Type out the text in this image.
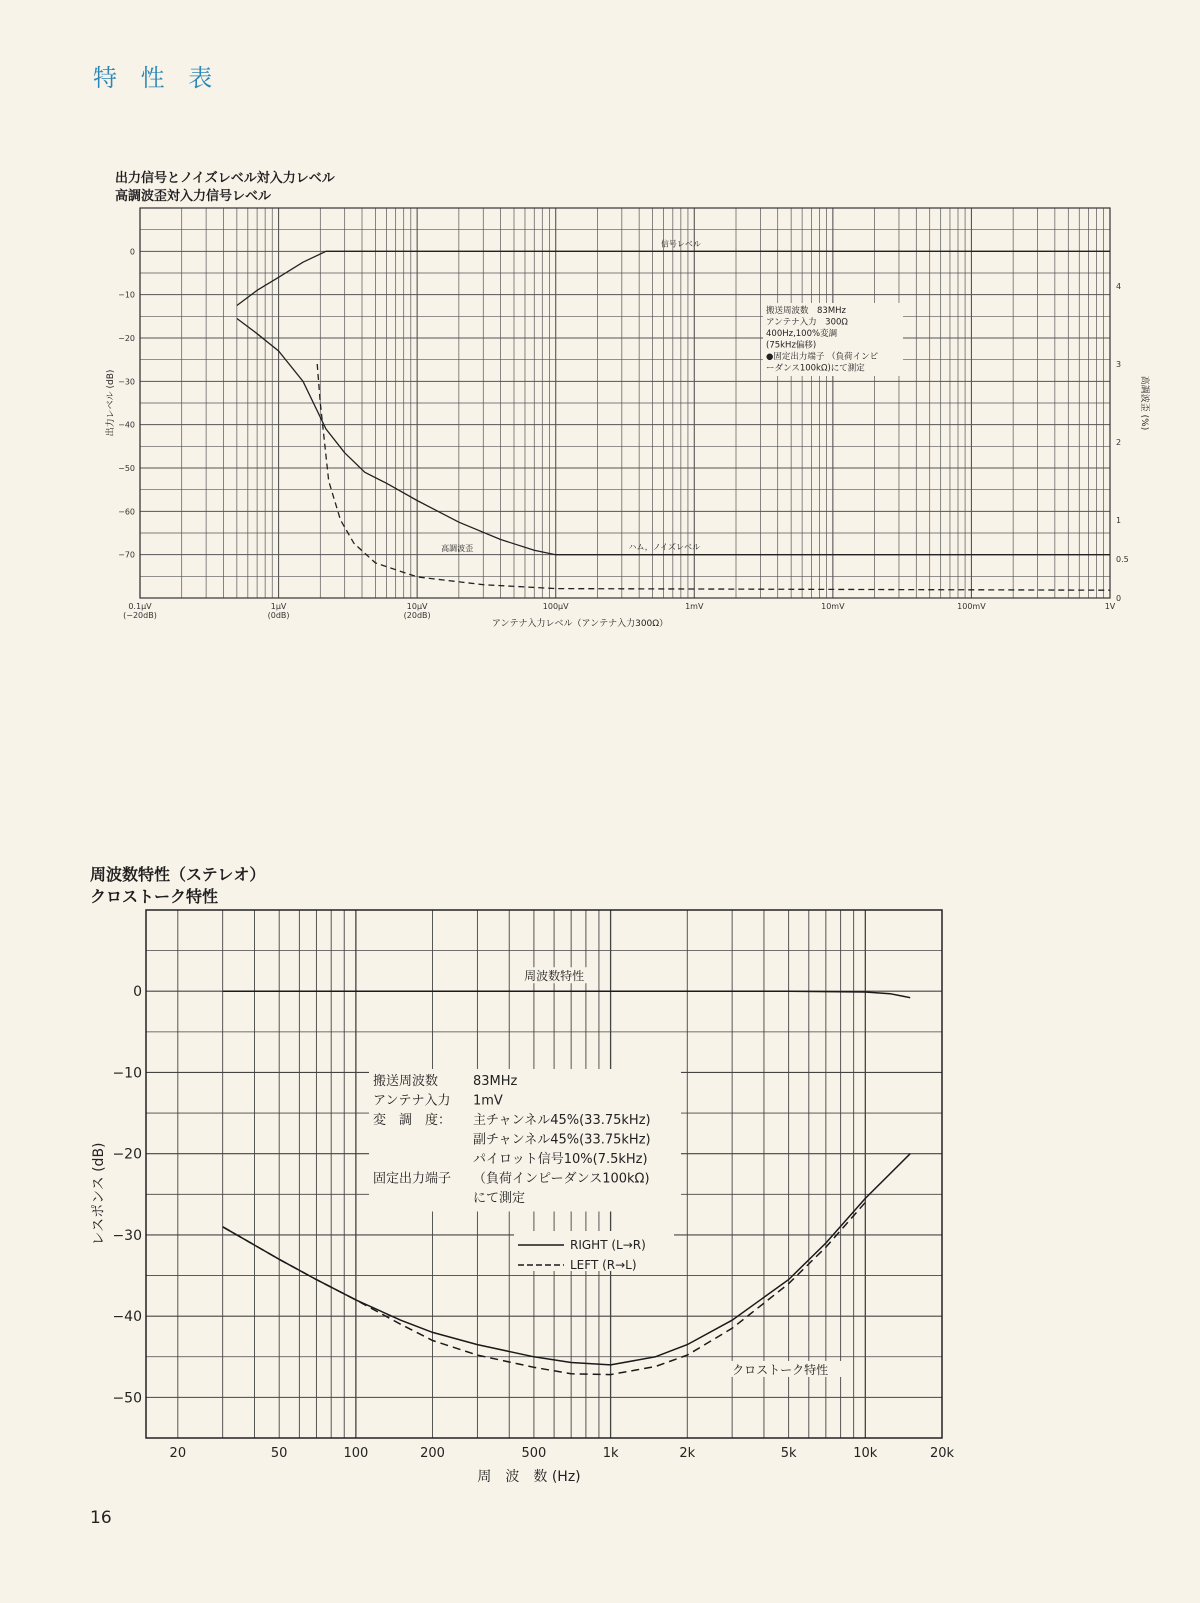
特 性 表
出力信号とノイズレベル対入力レベル
高調波歪対入力信号レベル
周波数特性（ステレオ）
クロストーク特性
0
−10
−20
−30
−40
−50
−60
−70
4
3
2
1
0.5
0
0.1μV
(−20dB)
1μV
(0dB)
10μV
(20dB)
100μV	1mV	10mV	100mV	1V
アンテナ入力レベル（アンテナ入力300Ω）
出力レベル (dB)	高調波歪 (%)
信号レベル
ハム，ノイズレベル
高調波歪
搬送周波数　83MHz
アンテナ入力　300Ω
400Hz,100%変調
(75kHz偏移)
●固定出力端子 （負荷インピ
ーダンス100kΩ)にて測定
0
−10
−20
−30
−40
−50
20	50	100	200	500	1k	2k	5k	10k	20k
周　波　数 (Hz)
レスポンス (dB)
周波数特性
クロストーク特性
搬送周波数	83MHz
アンテナ入力 1mV
変　調　度： 主チャンネル45%(33.75kHz)
副チャンネル45%(33.75kHz)
パイロット信号10%(7.5kHz)
固定出力端子 （負荷インピーダンス100kΩ)
にて測定
RIGHT (L→R)
LEFT (R→L)
16
